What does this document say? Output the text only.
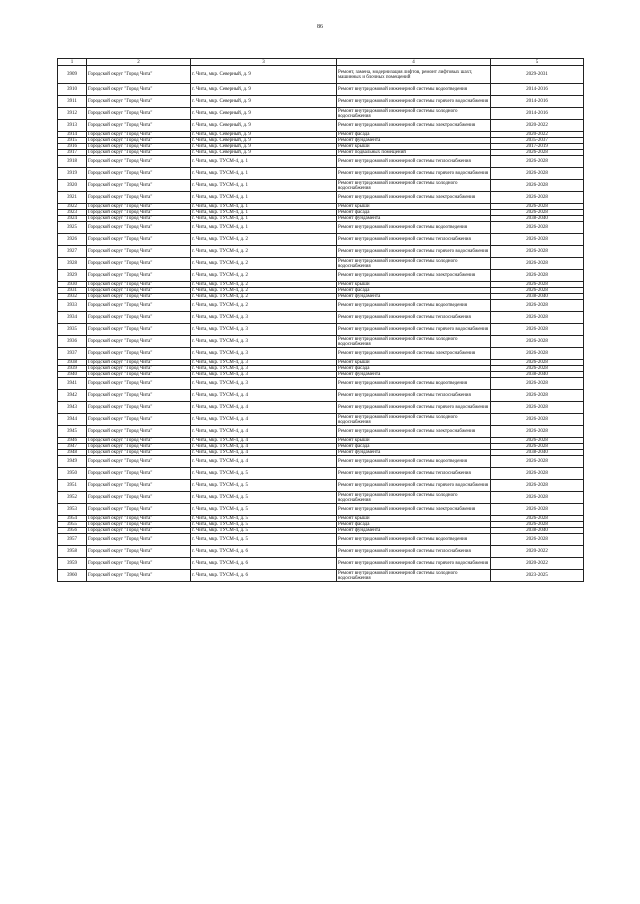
86
1	2	3	4	5
3909	Городской округ "Город Чита"	г. Чита, мкр. Северный, д. 9	Ремонт, замена, модернизация лифтов, ремонт лифтовых шахт, машинных и блочных помещений	2029-2031
3910	Городской округ "Город Чита"	г. Чита, мкр. Северный, д. 9	Ремонт внутридомовой инженерной системы водоотведения	2014-2016
3911	Городской округ "Город Чита"	г. Чита, мкр. Северный, д. 9	Ремонт внутридомовой инженерной системы горячего водоснабжения	2014-2016
3912	Городской округ "Город Чита"	г. Чита, мкр. Северный, д. 9	Ремонт внутридомовой инженерной системы холодного водоснабжения	2014-2016
3913	Городской округ "Город Чита"	г. Чита, мкр. Северный, д. 9	Ремонт внутридомовой инженерной системы электроснабжения	2020-2022
3914	Городской округ "Город Чита"	г. Чита, мкр. Северный, д. 9	Ремонт фасада	2020-2022
3915	Городской округ "Город Чита"	г. Чита, мкр. Северный, д. 9	Ремонт фундамента	2035-2037
3916	Городской округ "Город Чита"	г. Чита, мкр. Северный, д. 9	Ремонт крыши	2017-2019
3917	Городской округ "Город Чита"	г. Чита, мкр. Северный, д. 9	Ремонт подвальных помещений	2026-2028
3918	Городской округ "Город Чита"	г. Чита, мкр. ТУСМ-4, д. 1	Ремонт внутридомовой инженерной системы теплоснабжения	2026-2028
3919	Городской округ "Город Чита"	г. Чита, мкр. ТУСМ-4, д. 1	Ремонт внутридомовой инженерной системы горячего водоснабжения	2026-2028
3920	Городской округ "Город Чита"	г. Чита, мкр. ТУСМ-4, д. 1	Ремонт внутридомовой инженерной системы холодного водоснабжения	2026-2028
3921	Городской округ "Город Чита"	г. Чита, мкр. ТУСМ-4, д. 1	Ремонт внутридомовой инженерной системы электроснабжения	2026-2028
3922	Городской округ "Город Чита"	г. Чита, мкр. ТУСМ-4, д. 1	Ремонт крыши	2026-2028
3923	Городской округ "Город Чита"	г. Чита, мкр. ТУСМ-4, д. 1	Ремонт фасада	2026-2028
3924	Городской округ "Город Чита"	г. Чита, мкр. ТУСМ-4, д. 1	Ремонт фундамента	2038-2040
3925	Городской округ "Город Чита"	г. Чита, мкр. ТУСМ-4, д. 1	Ремонт внутридомовой инженерной системы водоотведения	2026-2028
3926	Городской округ "Город Чита"	г. Чита, мкр. ТУСМ-4, д. 2	Ремонт внутридомовой инженерной системы теплоснабжения	2026-2028
3927	Городской округ "Город Чита"	г. Чита, мкр. ТУСМ-4, д. 2	Ремонт внутридомовой инженерной системы горячего водоснабжения	2026-2028
3928	Городской округ "Город Чита"	г. Чита, мкр. ТУСМ-4, д. 2	Ремонт внутридомовой инженерной системы холодного водоснабжения	2026-2028
3929	Городской округ "Город Чита"	г. Чита, мкр. ТУСМ-4, д. 2	Ремонт внутридомовой инженерной системы электроснабжения	2026-2028
3930	Городской округ "Город Чита"	г. Чита, мкр. ТУСМ-4, д. 2	Ремонт крыши	2026-2028
3931	Городской округ "Город Чита"	г. Чита, мкр. ТУСМ-4, д. 2	Ремонт фасада	2026-2028
3932	Городской округ "Город Чита"	г. Чита, мкр. ТУСМ-4, д. 2	Ремонт фундамента	2038-2040
3933	Городской округ "Город Чита"	г. Чита, мкр. ТУСМ-4, д. 2	Ремонт внутридомовой инженерной системы водоотведения	2026-2028
3934	Городской округ "Город Чита"	г. Чита, мкр. ТУСМ-4, д. 3	Ремонт внутридомовой инженерной системы теплоснабжения	2026-2028
3935	Городской округ "Город Чита"	г. Чита, мкр. ТУСМ-4, д. 3	Ремонт внутридомовой инженерной системы горячего водоснабжения	2026-2028
3936	Городской округ "Город Чита"	г. Чита, мкр. ТУСМ-4, д. 3	Ремонт внутридомовой инженерной системы холодного водоснабжения	2026-2028
3937	Городской округ "Город Чита"	г. Чита, мкр. ТУСМ-4, д. 3	Ремонт внутридомовой инженерной системы электроснабжения	2026-2028
3938	Городской округ "Город Чита"	г. Чита, мкр. ТУСМ-4, д. 3	Ремонт крыши	2026-2028
3939	Городской округ "Город Чита"	г. Чита, мкр. ТУСМ-4, д. 3	Ремонт фасада	2026-2028
3940	Городской округ "Город Чита"	г. Чита, мкр. ТУСМ-4, д. 3	Ремонт фундамента	2038-2040
3941	Городской округ "Город Чита"	г. Чита, мкр. ТУСМ-4, д. 3	Ремонт внутридомовой инженерной системы водоотведения	2026-2028
3942	Городской округ "Город Чита"	г. Чита, мкр. ТУСМ-4, д. 4	Ремонт внутридомовой инженерной системы теплоснабжения	2026-2028
3943	Городской округ "Город Чита"	г. Чита, мкр. ТУСМ-4, д. 4	Ремонт внутридомовой инженерной системы горячего водоснабжения	2026-2028
3944	Городской округ "Город Чита"	г. Чита, мкр. ТУСМ-4, д. 4	Ремонт внутридомовой инженерной системы холодного водоснабжения	2026-2028
3945	Городской округ "Город Чита"	г. Чита, мкр. ТУСМ-4, д. 4	Ремонт внутридомовой инженерной системы электроснабжения	2026-2028
3946	Городской округ "Город Чита"	г. Чита, мкр. ТУСМ-4, д. 4	Ремонт крыши	2026-2028
3947	Городской округ "Город Чита"	г. Чита, мкр. ТУСМ-4, д. 4	Ремонт фасада	2026-2028
3948	Городской округ "Город Чита"	г. Чита, мкр. ТУСМ-4, д. 4	Ремонт фундамента	2038-2040
3949	Городской округ "Город Чита"	г. Чита, мкр. ТУСМ-4, д. 4	Ремонт внутридомовой инженерной системы водоотведения	2026-2028
3950	Городской округ "Город Чита"	г. Чита, мкр. ТУСМ-4, д. 5	Ремонт внутридомовой инженерной системы теплоснабжения	2026-2028
3951	Городской округ "Город Чита"	г. Чита, мкр. ТУСМ-4, д. 5	Ремонт внутридомовой инженерной системы горячего водоснабжения	2026-2028
3952	Городской округ "Город Чита"	г. Чита, мкр. ТУСМ-4, д. 5	Ремонт внутридомовой инженерной системы холодного водоснабжения	2026-2028
3953	Городской округ "Город Чита"	г. Чита, мкр. ТУСМ-4, д. 5	Ремонт внутридомовой инженерной системы электроснабжения	2026-2028
3954	Городской округ "Город Чита"	г. Чита, мкр. ТУСМ-4, д. 5	Ремонт крыши	2026-2028
3955	Городской округ "Город Чита"	г. Чита, мкр. ТУСМ-4, д. 5	Ремонт фасада	2026-2028
3956	Городской округ "Город Чита"	г. Чита, мкр. ТУСМ-4, д. 5	Ремонт фундамента	2038-2040
3957	Городской округ "Город Чита"	г. Чита, мкр. ТУСМ-4, д. 5	Ремонт внутридомовой инженерной системы водоотведения	2026-2028
3958	Городской округ "Город Чита"	г. Чита, мкр. ТУСМ-4, д. 6	Ремонт внутридомовой инженерной системы теплоснабжения	2020-2022
3959	Городской округ "Город Чита"	г. Чита, мкр. ТУСМ-4, д. 6	Ремонт внутридомовой инженерной системы горячего водоснабжения	2020-2022
3960	Городской округ "Город Чита"	г. Чита, мкр. ТУСМ-4, д. 6	Ремонт внутридомовой инженерной системы холодного водоснабжения	2023-2025
